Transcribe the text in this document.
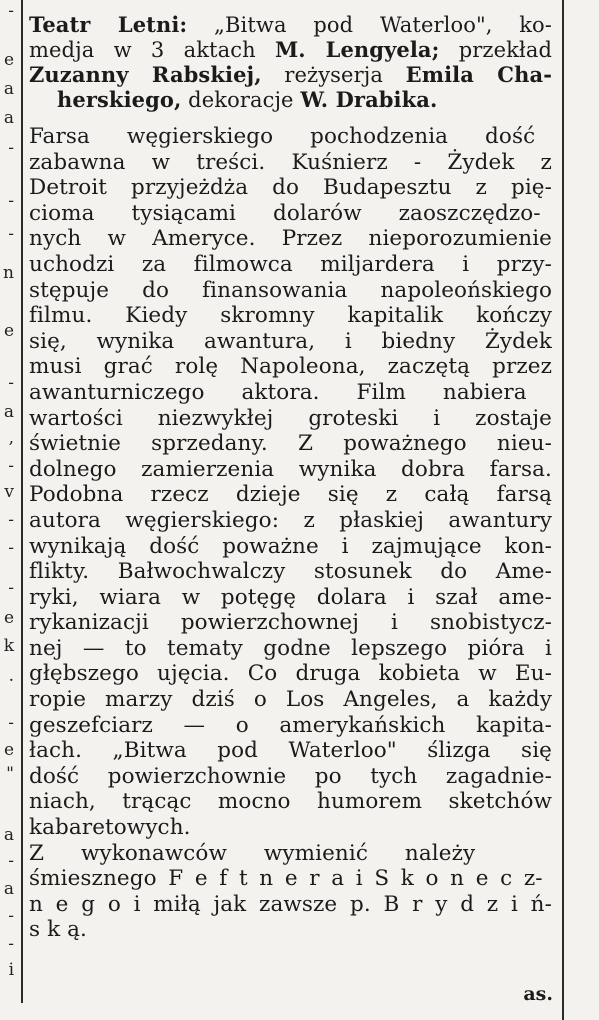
-
e
a
a
-
-
-
n
e
-
a
,
-
v
-
-
-
e
k
.
-
e
"
a
-
a
-
-
i
Teatr Letni: „Bitwa pod Waterloo", ko-
medja w 3 aktach M. Lengyela; przekład
Zuzanny Rabskiej, reżyserja Emila Cha-
herskiego, dekoracje W. Drabika.
Farsa węgierskiego pochodzenia dość
zabawna w treści. Kuśnierz - Żydek z
Detroit przyjeżdża do Budapesztu z pię-
cioma tysiącami dolarów zaoszczędzo-
nych w Ameryce. Przez nieporozumienie
uchodzi za filmowca miljardera i przy-
stępuje do finansowania napoleońskiego
filmu. Kiedy skromny kapitalik kończy
się, wynika awantura, i biedny Żydek
musi grać rolę Napoleona, zaczętą przez
awanturniczego aktora. Film nabiera
wartości niezwykłej groteski i zostaje
świetnie sprzedany. Z poważnego nieu-
dolnego zamierzenia wynika dobra farsa.
Podobna rzecz dzieje się z całą farsą
autora węgierskiego: z płaskiej awantury
wynikają dość poważne i zajmujące kon-
flikty. Bałwochwalczy stosunek do Ame-
ryki, wiara w potęgę dolara i szał ame-
rykanizacji powierzchownej i snobistycz-
nej — to tematy godne lepszego pióra i
głębszego ujęcia. Co druga kobieta w Eu-
ropie marzy dziś o Los Angeles, a każdy
geszefciarz — o amerykańskich kapita-
łach. „Bitwa pod Waterloo" ślizga się
dość powierzchownie po tych zagadnie-
niach, trącąc mocno humorem sketchów
kabaretowych.
Z wykonawców wymienić należy
śmiesznego F e f t n e r a i S k o n e c z-
n e g o i miłą jak zawsze p. B r y d z i ń-
s k ą.
as.
